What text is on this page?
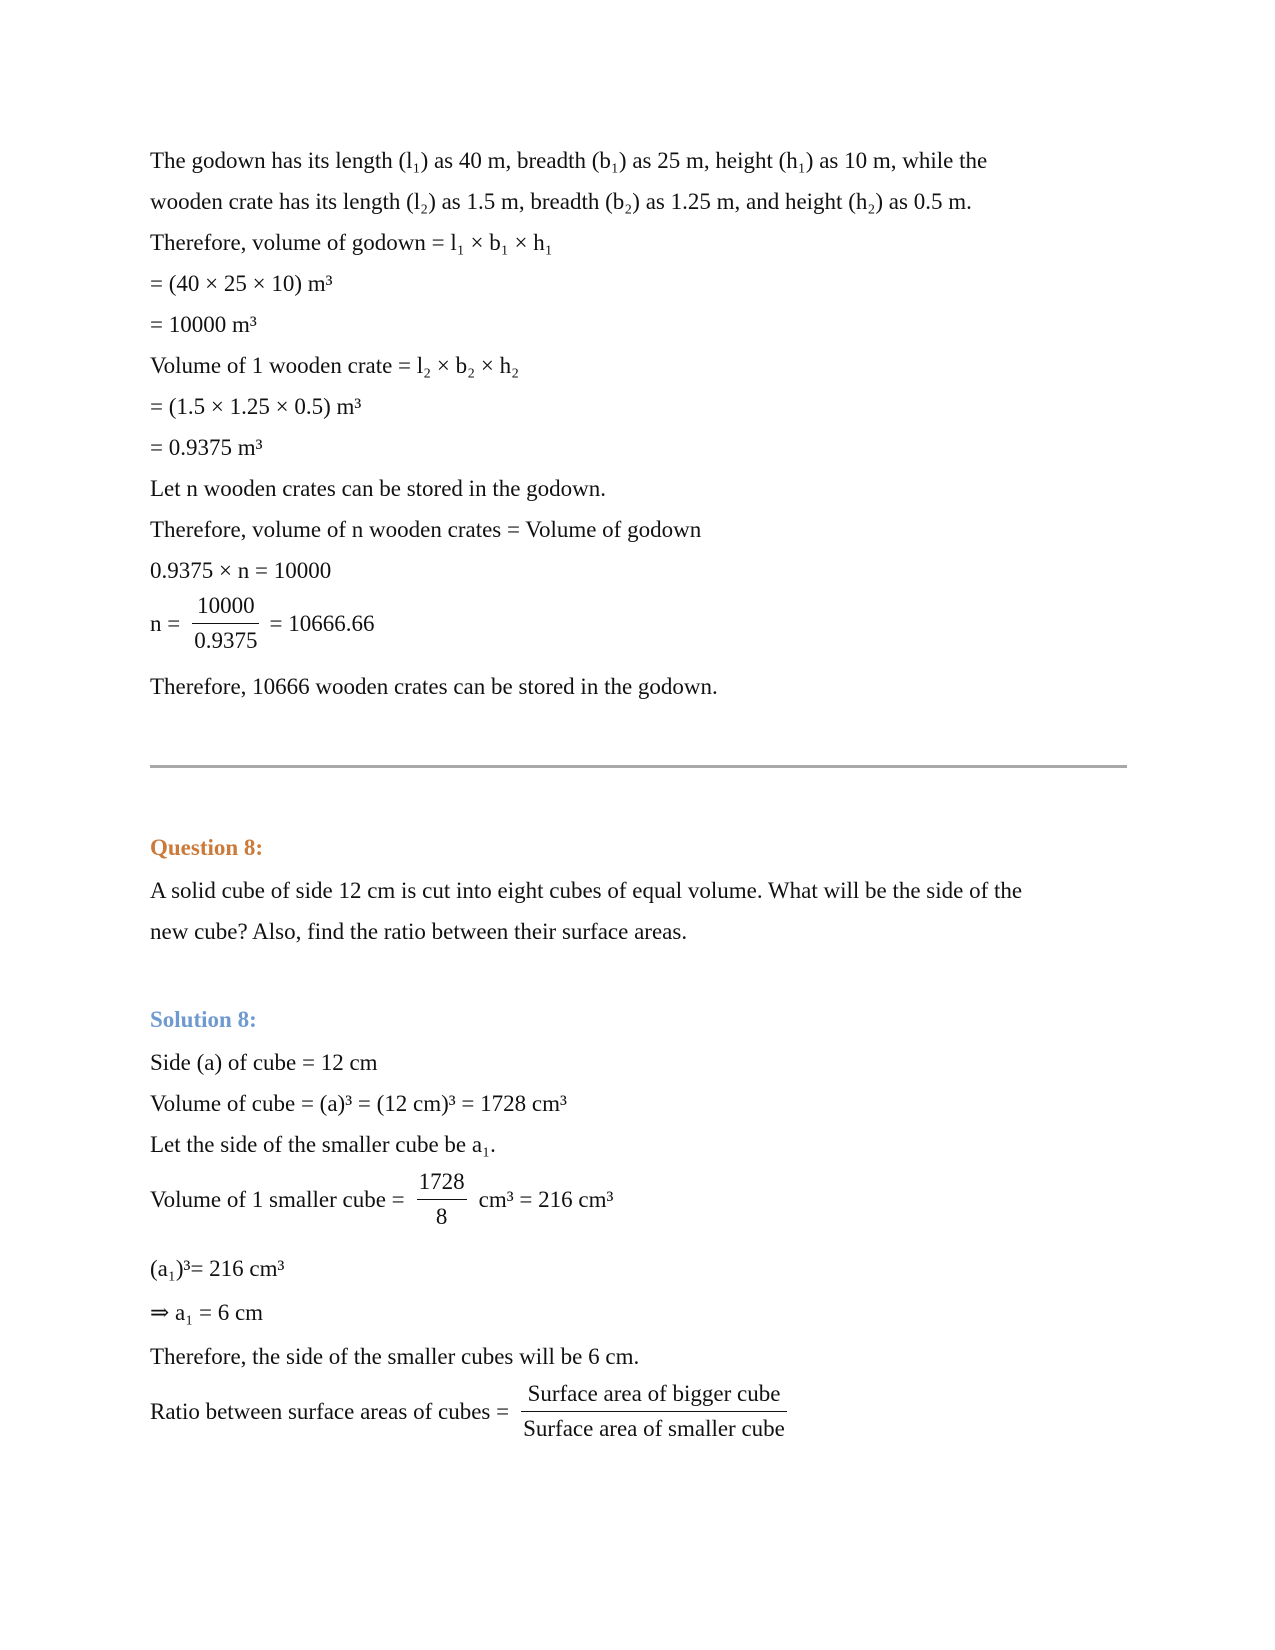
The godown has its length (l₁) as 40 m, breadth (b₁) as 25 m, height (h₁) as 10 m, while the
wooden crate has its length (l₂) as 1.5 m, breadth (b₂) as 1.25 m, and height (h₂) as 0.5 m.
Therefore, volume of godown = l₁ × b₁ × h₁
= (40 × 25 × 10) m³
= 10000 m³
Volume of 1 wooden crate = l₂ × b₂ × h₂
= (1.5 × 1.25 × 0.5) m³
= 0.9375 m³
Let n wooden crates can be stored in the godown.
Therefore, volume of n wooden crates = Volume of godown
0.9375 × n = 10000
$n = \frac{10000}{0.9375} = 10666.66$
Therefore, 10666 wooden crates can be stored in the godown.
Question 8:
A solid cube of side 12 cm is cut into eight cubes of equal volume. What will be the side of the
new cube? Also, find the ratio between their surface areas.
Solution 8:
Side (a) of cube = 12 cm
Volume of cube = (a)³ = (12 cm)³ = 1728 cm³
Let the side of the smaller cube be a₁.
Volume of 1 smaller cube = $\frac{1728}{8} cm^3 = 216$ cm³
(a₁)³= 216 cm³
⇒ a₁ = 6 cm
Therefore, the side of the smaller cubes will be 6 cm.
Ratio between surface areas of cubes = $\frac{\text{Surface area of bigger cube}}{\text{Surface area of smaller cube}}$
